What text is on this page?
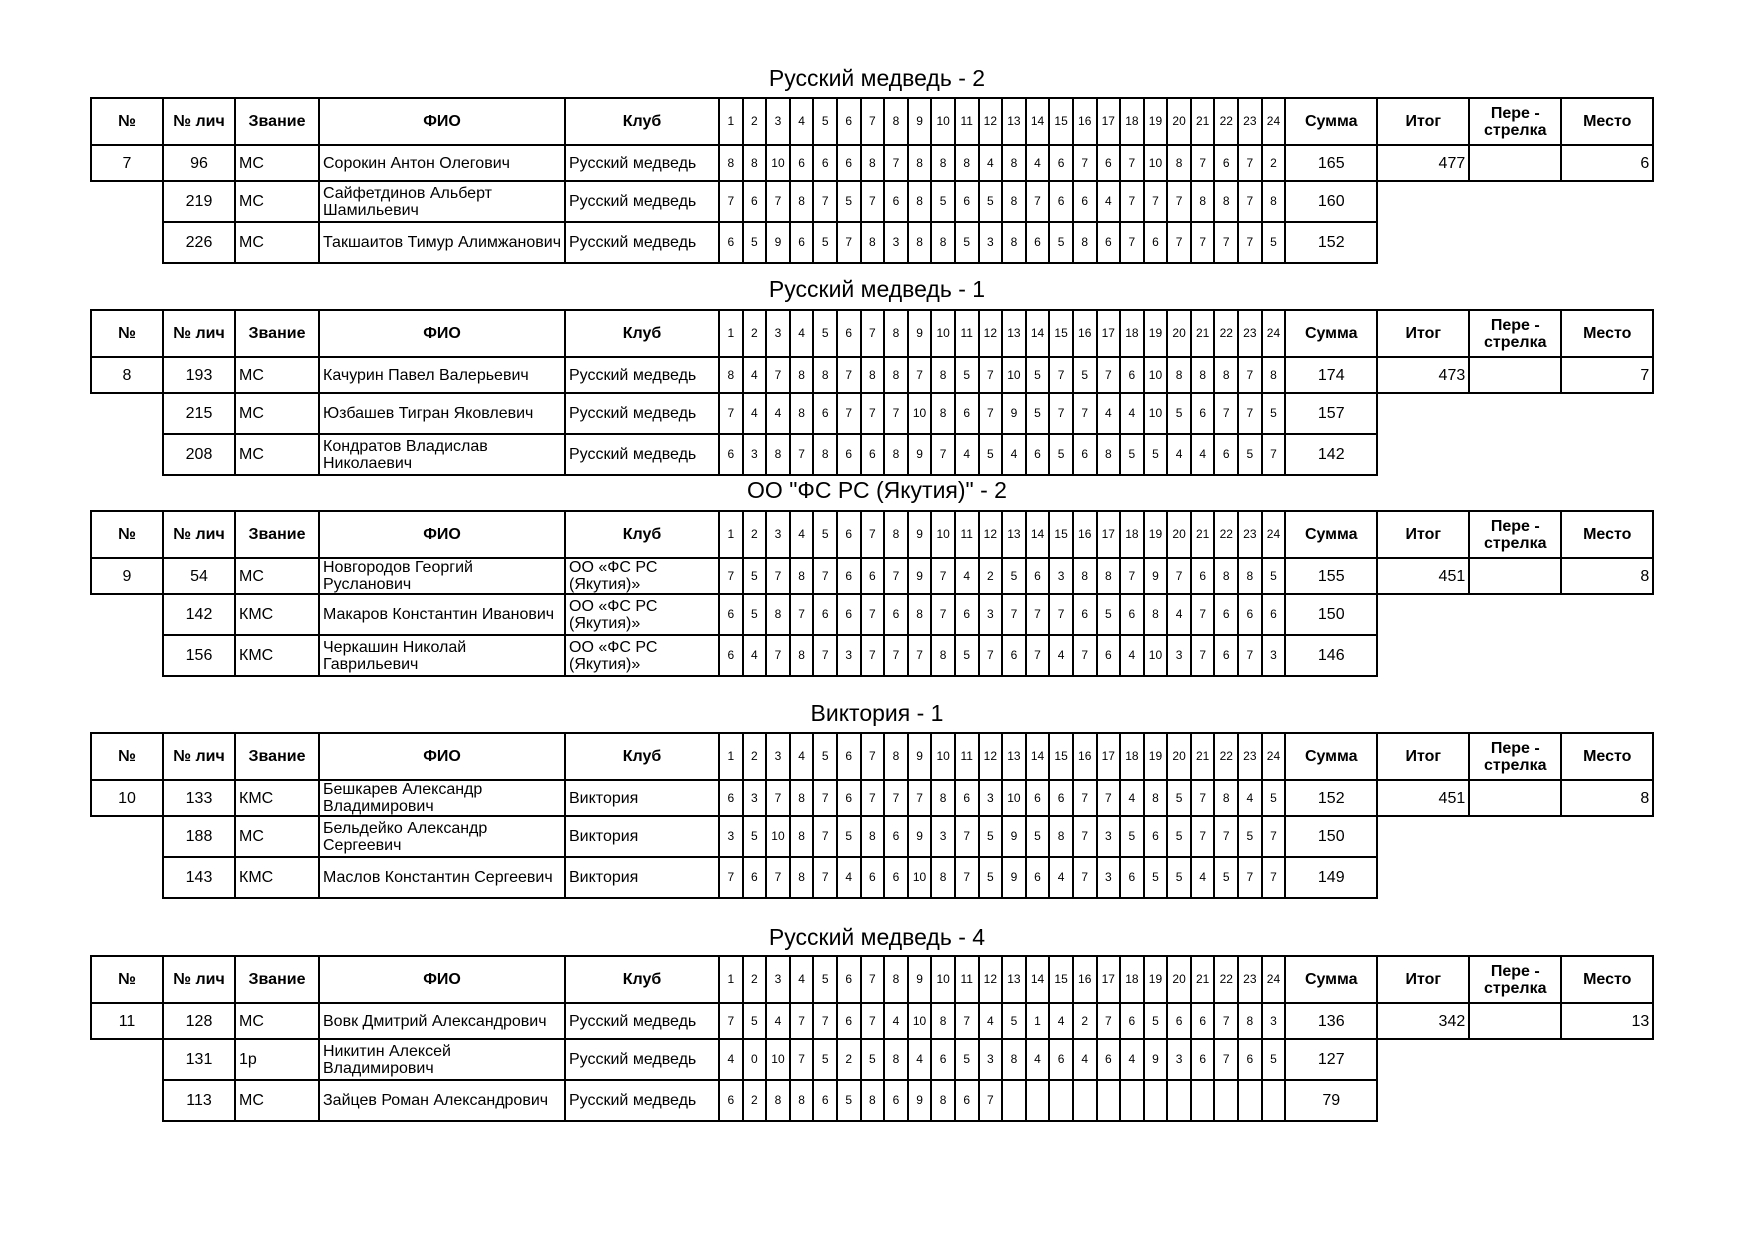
Русский медведь - 2
№	№ лич	Звание	ФИО	Клуб	1	2	3	4	5	6	7	8	9	10	11	12	13	14	15	16	17	18	19	20	21	22	23	24	Сумма	Итог	Пере - стрелка	Место
7	96	МС	Сорокин Антон Олегович	Русский медведь	8	8	10	6	6	6	8	7	8	8	8	4	8	4	6	7	6	7	10	8	7	6	7	2	165	477		6
	219	МС	Сайфетдинов Альберт Шамильевич	Русский медведь	7	6	7	8	7	5	7	6	8	5	6	5	8	7	6	6	4	7	7	7	8	8	7	8	160			
	226	МС	Такшаитов Тимур Алимжанович	Русский медведь	6	5	9	6	5	7	8	3	8	8	5	3	8	6	5	8	6	7	6	7	7	7	7	5	152			
Русский медведь - 1
№	№ лич	Звание	ФИО	Клуб	1	2	3	4	5	6	7	8	9	10	11	12	13	14	15	16	17	18	19	20	21	22	23	24	Сумма	Итог	Пере - стрелка	Место
8	193	МС	Качурин Павел Валерьевич	Русский медведь	8	4	7	8	8	7	8	8	7	8	5	7	10	5	7	5	7	6	10	8	8	8	7	8	174	473		7
	215	МС	Юзбашев Тигран Яковлевич	Русский медведь	7	4	4	8	6	7	7	7	10	8	6	7	9	5	7	7	4	4	10	5	6	7	7	5	157			
	208	МС	Кондратов Владислав Николаевич	Русский медведь	6	3	8	7	8	6	6	8	9	7	4	5	4	6	5	6	8	5	5	4	4	6	5	7	142			
ОО "ФС РС (Якутия)" - 2
№	№ лич	Звание	ФИО	Клуб	1	2	3	4	5	6	7	8	9	10	11	12	13	14	15	16	17	18	19	20	21	22	23	24	Сумма	Итог	Пере - стрелка	Место
9	54	МС	Новгородов Георгий Русланович	ОО «ФС РС (Якутия)»	7	5	7	8	7	6	6	7	9	7	4	2	5	6	3	8	8	7	9	7	6	8	8	5	155	451		8
	142	КМС	Макаров Константин Иванович	ОО «ФС РС (Якутия)»	6	5	8	7	6	6	7	6	8	7	6	3	7	7	7	6	5	6	8	4	7	6	6	6	150			
	156	КМС	Черкашин Николай Гаврильевич	ОО «ФС РС (Якутия)»	6	4	7	8	7	3	7	7	7	8	5	7	6	7	4	7	6	4	10	3	7	6	7	3	146			
Виктория - 1
№	№ лич	Звание	ФИО	Клуб	1	2	3	4	5	6	7	8	9	10	11	12	13	14	15	16	17	18	19	20	21	22	23	24	Сумма	Итог	Пере - стрелка	Место
10	133	КМС	Бешкарев Александр Владимирович	Виктория	6	3	7	8	7	6	7	7	7	8	6	3	10	6	6	7	7	4	8	5	7	8	4	5	152	451		8
	188	МС	Бельдейко Александр Сергеевич	Виктория	3	5	10	8	7	5	8	6	9	3	7	5	9	5	8	7	3	5	6	5	7	7	5	7	150			
	143	КМС	Маслов Константин Сергеевич	Виктория	7	6	7	8	7	4	6	6	10	8	7	5	9	6	4	7	3	6	5	5	4	5	7	7	149			
Русский медведь - 4
№	№ лич	Звание	ФИО	Клуб	1	2	3	4	5	6	7	8	9	10	11	12	13	14	15	16	17	18	19	20	21	22	23	24	Сумма	Итог	Пере - стрелка	Место
11	128	МС	Вовк Дмитрий Александрович	Русский медведь	7	5	4	7	7	6	7	4	10	8	7	4	5	1	4	2	7	6	5	6	6	7	8	3	136	342		13
	131	1р	Никитин Алексей Владимирович	Русский медведь	4	0	10	7	5	2	5	8	4	6	5	3	8	4	6	4	6	4	9	3	6	7	6	5	127			
	113	МС	Зайцев Роман Александрович	Русский медведь	6	2	8	8	6	5	8	6	9	8	6	7													79			
